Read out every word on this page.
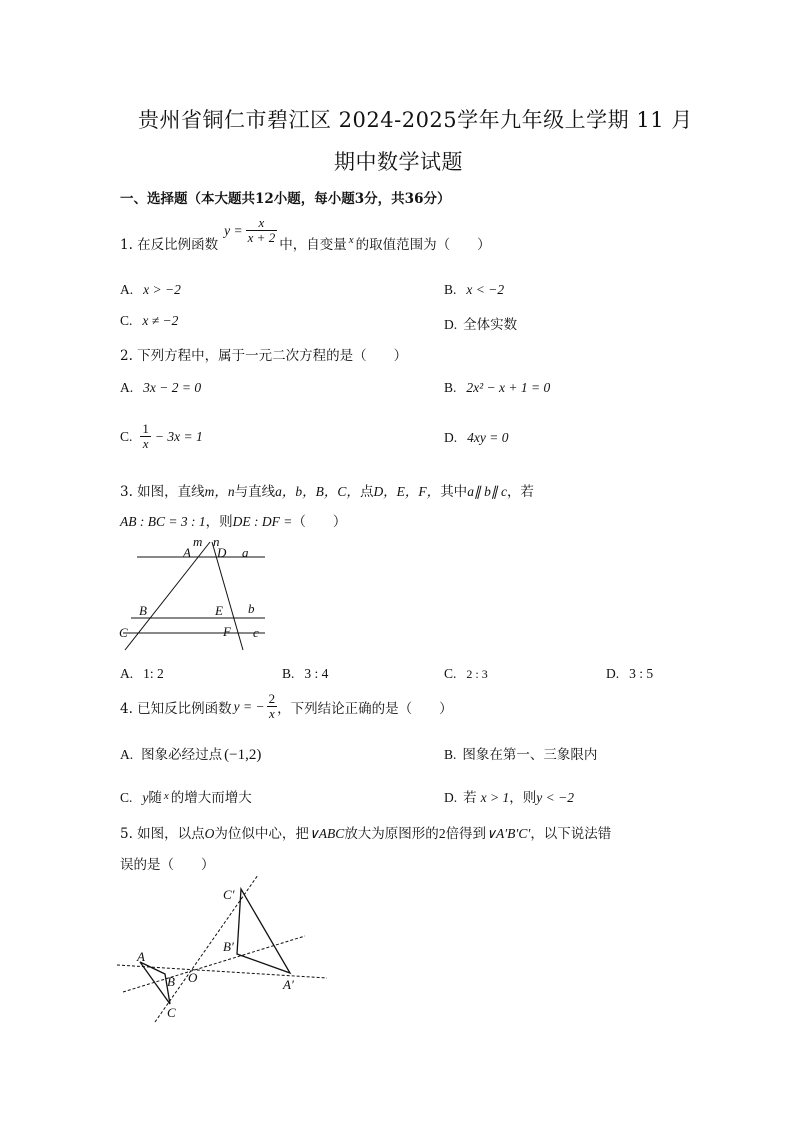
贵州省铜仁市碧江区 2024-2025学年九年级上学期 11 月
期中数学试题
一、选择题（本大题共12小题，每小题3分，共36分）
1. 在反比例函数
$y = \frac{x}{x + 2}$ 中，自变量 x 的取值范围为（　　）
A. x > −2	B. x < −2
C. x ≠ −2	D. 全体实数
2. 下列方程中，属于一元二次方程的是（　　）
A. 3x − 2 = 0	B. 2x² − x + 1 = 0
C. $\frac{1}{x} - 3x = 1$	D. 4xy = 0
3. 如图，直线m，n与直线a，b，B，C，点D，E，F，其中a∥ b∥ c，若
AB : BC = 3 : 1，则DE : DF =（　　）
m n
A D a
B	E b
C	F c
A. 1: 2	B. 3 : 4	C. 2 : 3	D. 3 : 5
4. 已知反比例函数 y = − $\frac{2}{x}$ ，下列结论正确的是（　　）
A. 图象必经过点 (−1,2)	B. 图象在第一、三象限内
C. y随 $^x$ 的增大而增大	D. 若 x > 1，则y < −2
5. 如图，以点O为位似中心，把∨ABC放大为原图形的2倍得到∨A′B′C′，以下说法错
误的是（　　）
C′
B′
A
O
B	A′
C
